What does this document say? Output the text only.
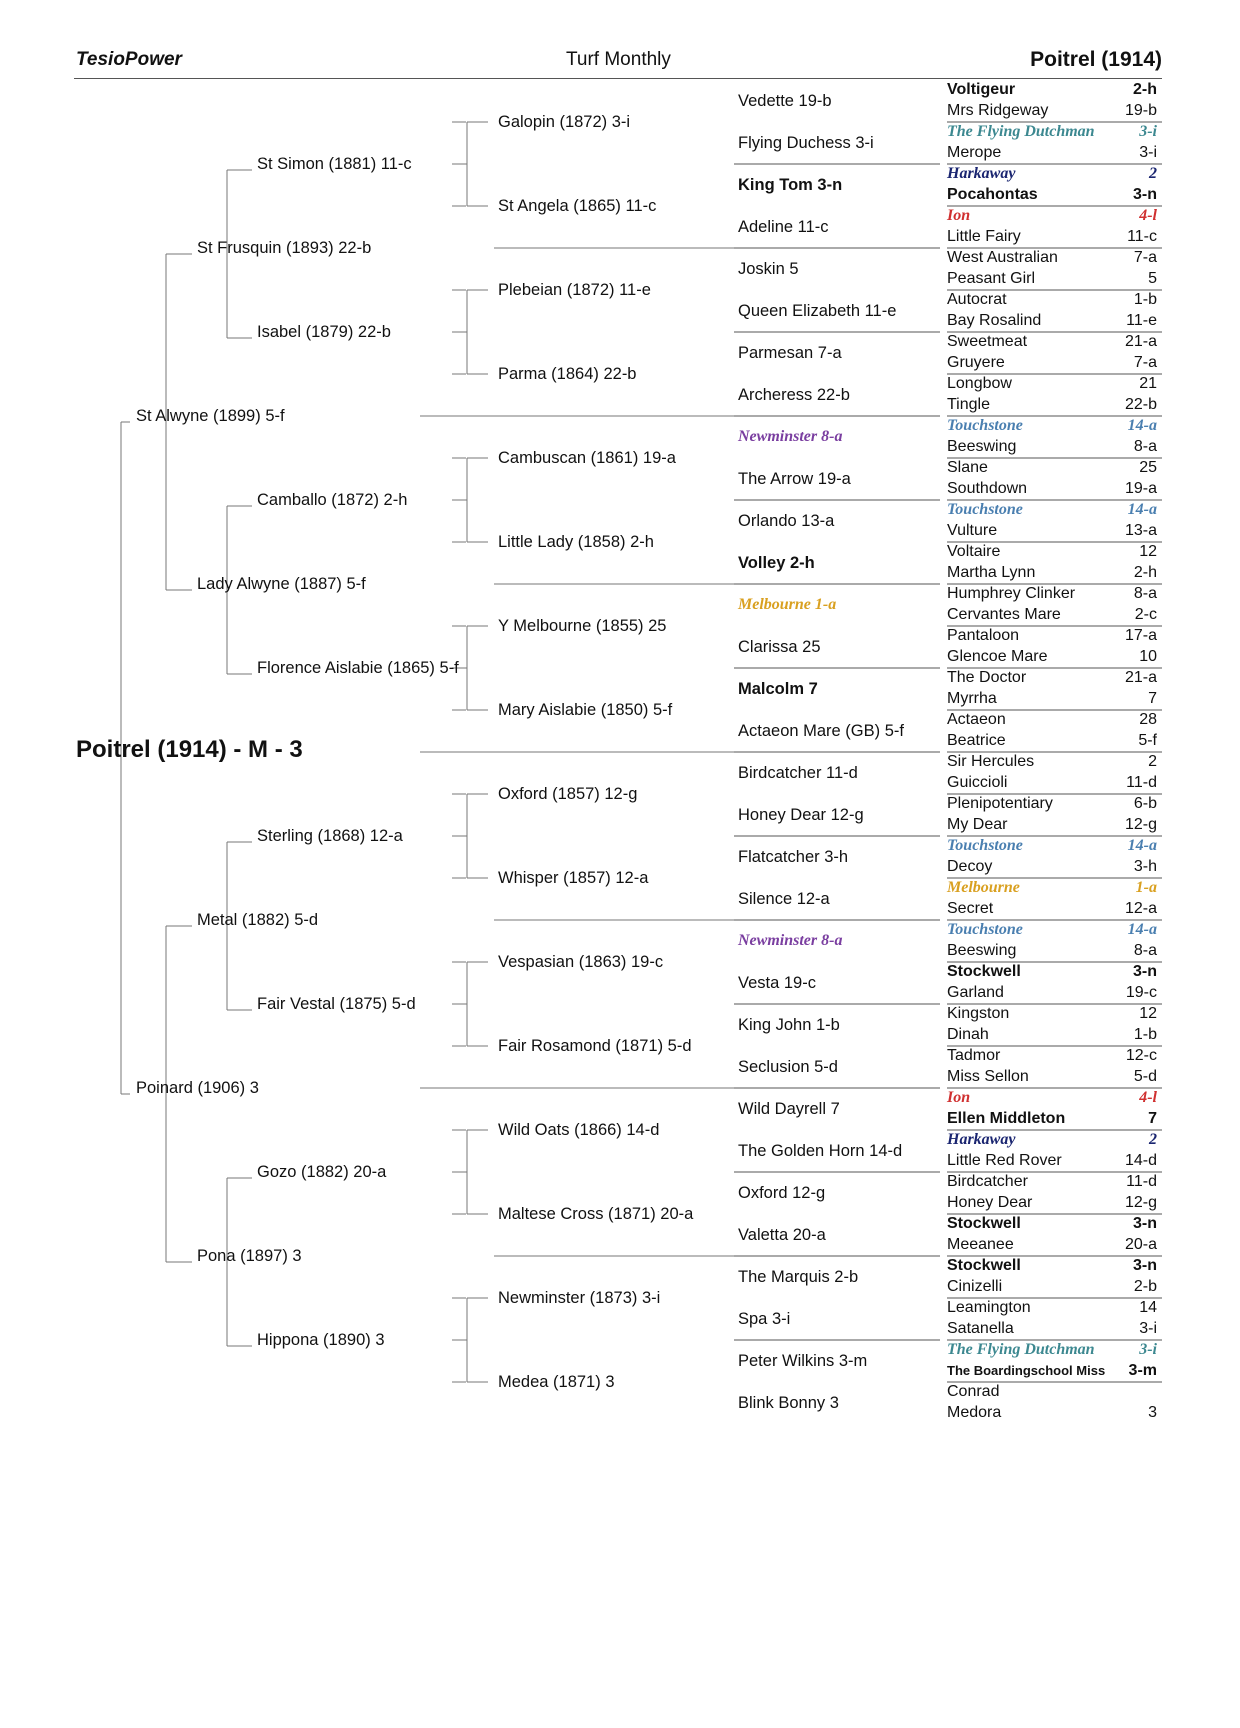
TesioPower	Turf Monthly	Poitrel (1914)
Poitrel (1914) - M - 3
St Alwyne (1899) 5-f
Poinard (1906) 3
St Frusquin (1893) 22-b
Lady Alwyne (1887) 5-f
Metal (1882) 5-d
Pona (1897) 3
St Simon (1881) 11-c
Isabel (1879) 22-b
Camballo (1872) 2-h
Florence Aislabie (1865) 5-f
Sterling (1868) 12-a
Fair Vestal (1875) 5-d
Gozo (1882) 20-a
Hippona (1890) 3
Galopin (1872) 3-i
St Angela (1865) 11-c
Plebeian (1872) 11-e
Parma (1864) 22-b
Cambuscan (1861) 19-a
Little Lady (1858) 2-h
Y Melbourne (1855) 25
Mary Aislabie (1850) 5-f
Oxford (1857) 12-g
Whisper (1857) 12-a
Vespasian (1863) 19-c
Fair Rosamond (1871) 5-d
Wild Oats (1866) 14-d
Maltese Cross (1871) 20-a
Newminster (1873) 3-i
Medea (1871) 3
Vedette 19-b
Flying Duchess 3-i
King Tom 3-n
Adeline 11-c
Joskin 5
Queen Elizabeth 11-e
Parmesan 7-a
Archeress 22-b
Newminster 8-a
The Arrow 19-a
Orlando 13-a
Volley 2-h
Melbourne 1-a
Clarissa 25
Malcolm 7
Actaeon Mare (GB) 5-f
Birdcatcher 11-d
Honey Dear 12-g
Flatcatcher 3-h
Silence 12-a
Newminster 8-a
Vesta 19-c
King John 1-b
Seclusion 5-d
Wild Dayrell 7
The Golden Horn 14-d
Oxford 12-g
Valetta 20-a
The Marquis 2-b
Spa 3-i
Peter Wilkins 3-m
Blink Bonny 3
Voltigeur	2-h
Mrs Ridgeway	19-b
The Flying Dutchman	3-i
Merope	3-i
Harkaway	2
Pocahontas	3-n
Ion	4-l
Little Fairy	11-c
West Australian	7-a
Peasant Girl	5
Autocrat	1-b
Bay Rosalind	11-e
Sweetmeat	21-a
Gruyere	7-a
Longbow	21
Tingle	22-b
Touchstone	14-a
Beeswing	8-a
Slane	25
Southdown	19-a
Touchstone	14-a
Vulture	13-a
Voltaire	12
Martha Lynn	2-h
Humphrey Clinker	8-a
Cervantes Mare	2-c
Pantaloon	17-a
Glencoe Mare	10
The Doctor	21-a
Myrrha	7
Actaeon	28
Beatrice	5-f
Sir Hercules	2
Guiccioli	11-d
Plenipotentiary	6-b
My Dear	12-g
Touchstone	14-a
Decoy	3-h
Melbourne	1-a
Secret	12-a
Touchstone	14-a
Beeswing	8-a
Stockwell	3-n
Garland	19-c
Kingston	12
Dinah	1-b
Tadmor	12-c
Miss Sellon	5-d
Ion	4-l
Ellen Middleton	7
Harkaway	2
Little Red Rover	14-d
Birdcatcher	11-d
Honey Dear	12-g
Stockwell	3-n
Meeanee	20-a
Stockwell	3-n
Cinizelli	2-b
Leamington	14
Satanella	3-i
The Flying Dutchman	3-i
The Boardingschool Miss 3-m
Conrad
Medora	3
